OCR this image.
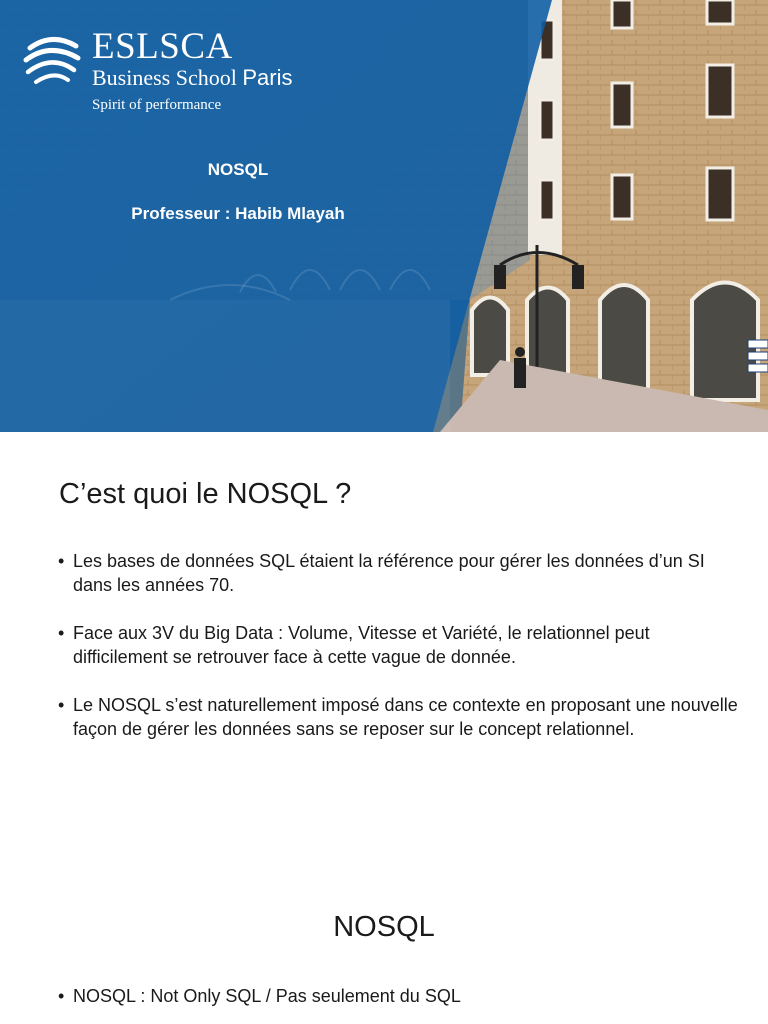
ESLSCA
Business School Paris
Spirit of performance
NOSQL
Professeur : Habib Mlayah
C’est quoi le NOSQL ?
• Les bases de données SQL étaient la référence pour gérer les données d’un SI dans les années 70.
• Face aux 3V du Big Data : Volume, Vitesse et Variété, le relationnel peut difficilement se retrouver face à cette vague de donnée.
• Le NOSQL s’est naturellement imposé dans ce contexte en proposant une nouvelle façon de gérer les données sans se reposer sur le concept relationnel.
NOSQL
• NOSQL : Not Only SQL / Pas seulement du SQL
